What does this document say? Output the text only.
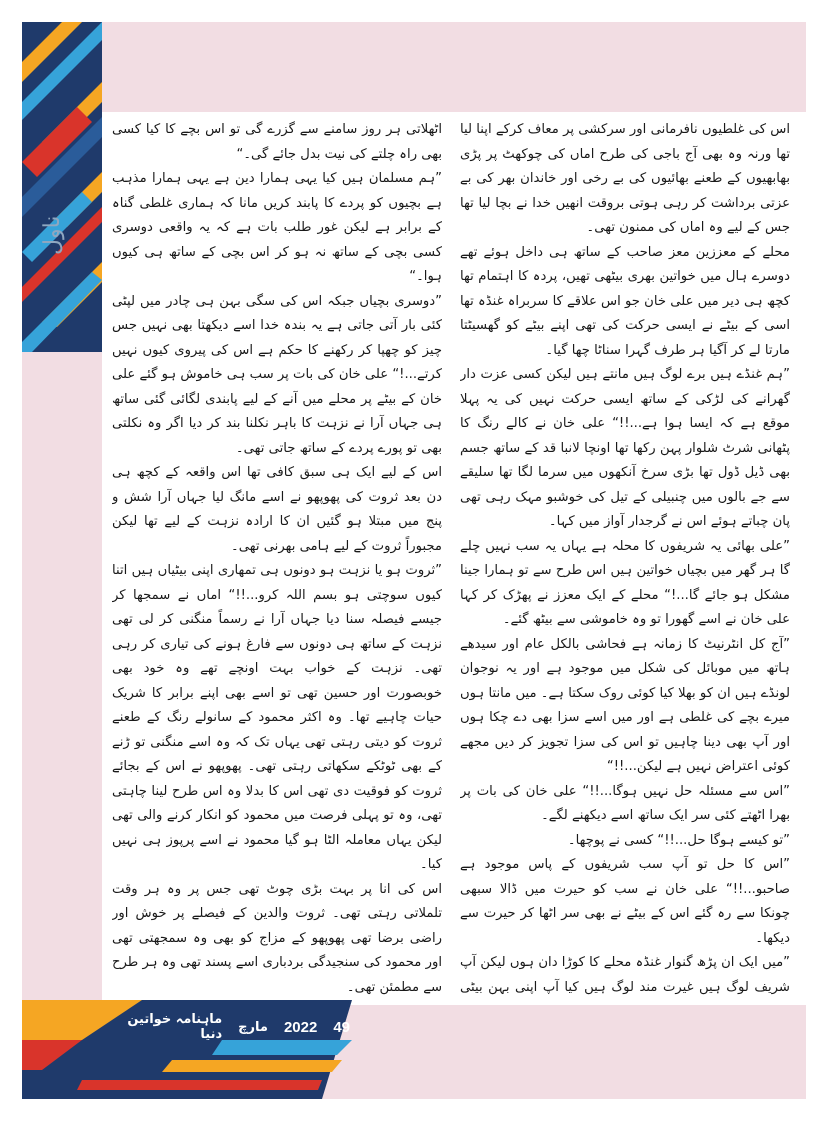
ناول

اس کی غلطیوں نافرمانی اور سرکشی پر معاف کرکے اپنا لیا تھا ورنہ وہ بھی آج باجی کی طرح اماں کی چوکھٹ پر پڑی بھابھیوں کے طعنے بھائیوں کی بے رخی اور خاندان بھر کی بے عزتی برداشت کر رہی ہوتی بروقت انھیں خدا نے بچا لیا تھا جس کے لیے وہ اماں کی ممنون تھی۔

محلے کے معززین معز صاحب کے ساتھ ہی داخل ہوئے تھے دوسرے ہال میں خواتین بھری بیٹھی تھیں، پردہ کا اہتمام تھا کچھ ہی دیر میں علی خان جو اس علاقے کا سربراہ غنڈہ تھا اسی کے بیٹے نے ایسی حرکت کی تھی اپنے بیٹے کو گھسیٹتا مارتا لے کر آگیا ہر طرف گہرا سناٹا چھا گیا۔

”ہم غنڈے ہیں برے لوگ ہیں مانتے ہیں لیکن کسی عزت دار گھرانے کی لڑکی کے ساتھ ایسی حرکت نہیں کی یہ پہلا موقع ہے کہ ایسا ہوا ہے...!!“ علی خان نے کالے رنگ کا پٹھانی شرٹ شلوار پہن رکھا تھا اونچا لانبا قد کے ساتھ جسم بھی ڈیل ڈول تھا بڑی سرخ آنکھوں میں سرما لگا تھا سلیقے سے جے بالوں میں چنبیلی کے تیل کی خوشبو مہک رہی تھی پان چباتے ہوئے اس نے گرجدار آواز میں کہا۔

”علی بھائی یہ شریفوں کا محلہ ہے یہاں یہ سب نہیں چلے گا ہر گھر میں بچیاں خواتین ہیں اس طرح سے تو ہمارا جینا مشکل ہو جائے گا...!“ محلے کے ایک معزز نے پھڑک کر کہا علی خان نے اسے گھورا تو وہ خاموشی سے بیٹھ گئے۔

”آج کل انٹرنیٹ کا زمانہ ہے فحاشی بالکل عام اور سیدھے ہاتھ میں موبائل کی شکل میں موجود ہے اور یہ نوجوان لونڈے ہیں ان کو بھلا کیا کوئی روک سکتا ہے۔ میں مانتا ہوں میرے بچے کی غلطی ہے اور میں اسے سزا بھی دے چکا ہوں اور آپ بھی دینا چاہیں تو اس کی سزا تجویز کر دیں مجھے کوئی اعتراض نہیں ہے لیکن...!!“

”اس سے مسئلہ حل نہیں ہوگا...!!“ علی خان کی بات پر بھرا اٹھتے کئی سر ایک ساتھ اسے دیکھنے لگے۔

”تو کیسے ہوگا حل...!!“ کسی نے پوچھا۔

”اس کا حل تو آپ سب شریفوں کے پاس موجود ہے صاحبو...!!“ علی خان نے سب کو حیرت میں ڈالا سبھی چونکا سے رہ گئے اس کے بیٹے نے بھی سر اٹھا کر حیرت سے دیکھا۔

”میں ایک ان پڑھ گنوار غنڈہ محلے کا کوڑا دان ہوں لیکن آپ شریف لوگ ہیں غیرت مند لوگ ہیں کیا آپ اپنی بہن بیٹی

اٹھلاتی ہر روز سامنے سے گزرے گی تو اس بچے کا کیا کسی بھی راہ چلتے کی نیت بدل جائے گی۔“

”ہم مسلمان ہیں کیا یہی ہمارا دین ہے یہی ہمارا مذہب ہے بچیوں کو پردے کا پابند کریں مانا کہ ہماری غلطی گناہ کے برابر ہے لیکن غور طلب بات ہے کہ یہ واقعی دوسری کسی بچی کے ساتھ نہ ہو کر اس بچی کے ساتھ ہی کیوں ہوا۔“

”دوسری بچیاں جبکہ اس کی سگی بہن ہی چادر میں لپٹی کئی بار آتی جاتی ہے یہ بندہ خدا اسے دیکھتا بھی نہیں جس چیز کو چھپا کر رکھنے کا حکم ہے اس کی پیروی کیوں نہیں کرتے...!“ علی خان کی بات پر سب ہی خاموش ہو گئے علی خان کے بیٹے پر محلے میں آنے کے لیے پابندی لگائی گئی ساتھ ہی جہاں آرا نے نزہت کا باہر نکلنا بند کر دیا اگر وہ نکلتی بھی تو پورے پردے کے ساتھ جاتی تھی۔

اس کے لیے ایک ہی سبق کافی تھا اس واقعہ کے کچھ ہی دن بعد ثروت کی پھوپھو نے اسے مانگ لیا جہاں آرا شش و پنج میں مبتلا ہو گئیں ان کا ارادہ نزہت کے لیے تھا لیکن مجبوراً ثروت کے لیے ہامی بھرنی تھی۔

”ثروت ہو یا نزہت ہو دونوں ہی تمھاری اپنی بیٹیاں ہیں اتنا کیوں سوچتی ہو بسم اللہ کرو...!!“ اماں نے سمجھا کر جیسے فیصلہ سنا دیا جہاں آرا نے رسماً منگنی کر لی تھی نزہت کے ساتھ ہی دونوں سے فارغ ہونے کی تیاری کر رہی تھی۔ نزہت کے خواب بہت اونچے تھے وہ خود بھی خوبصورت اور حسین تھی تو اسے بھی اپنے برابر کا شریک حیات چاہیے تھا۔ وہ اکثر محمود کے سانولے رنگ کے طعنے ثروت کو دیتی رہتی تھی یہاں تک کہ وہ اسے منگنی تو ڑنے کے بھی ٹوٹکے سکھاتی رہتی تھی۔ پھوپھو نے اس کے بجائے ثروت کو فوقیت دی تھی اس کا بدلا وہ اس طرح لینا چاہتی تھی، وہ تو پہلی فرصت میں محمود کو انکار کرنے والی تھی لیکن یہاں معاملہ الٹا ہو گیا محمود نے اسے پرپوز ہی نہیں کیا۔

اس کی انا پر بہت بڑی چوٹ تھی جس پر وہ ہر وقت تلملاتی رہتی تھی۔ ثروت والدین کے فیصلے پر خوش اور راضی برضا تھی پھوپھو کے مزاج کو بھی وہ سمجھتی تھی اور محمود کی سنجیدگی بردباری اسے پسند تھی وہ ہر طرح سے مطمئن تھی۔

49
2022
مارچ
ماہنامہ خواتین دنیا
